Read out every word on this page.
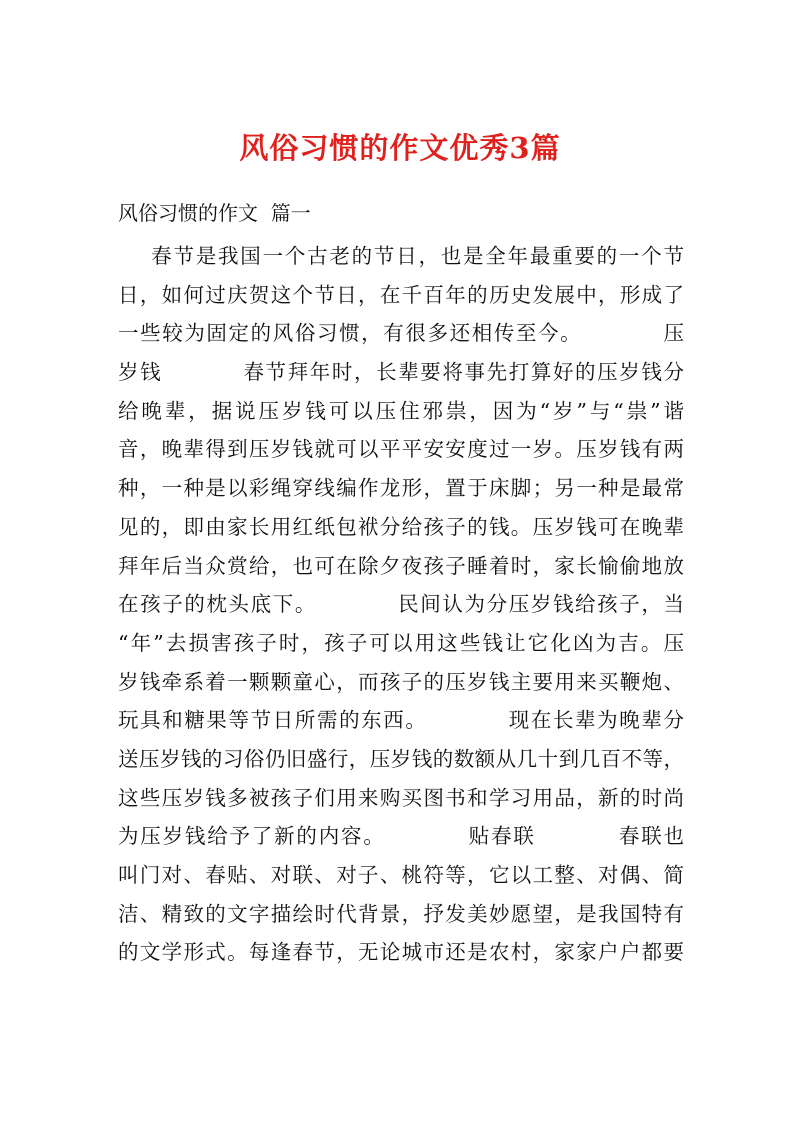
风俗习惯的作文优秀3篇
风俗习惯的作文  篇一
春节是我国一个古老的节日，也是全年最重要的一个节
日，如何过庆贺这个节日，在千百年的历史发展中，形成了
一些较为固定的风俗习惯，有很多还相传至今。          压
岁钱          春节拜年时，长辈要将事先打算好的压岁钱分
给晚辈，据说压岁钱可以压住邪祟，因为“岁”与“祟”谐
音，晚辈得到压岁钱就可以平平安安度过一岁。压岁钱有两
种，一种是以彩绳穿线编作龙形，置于床脚；另一种是最常
见的，即由家长用红纸包袱分给孩子的钱。压岁钱可在晚辈
拜年后当众赏给，也可在除夕夜孩子睡着时，家长愉偷地放
在孩子的枕头底下。          民间认为分压岁钱给孩子，当
“年”去损害孩子时，孩子可以用这些钱让它化凶为吉。压
岁钱牵系着一颗颗童心，而孩子的压岁钱主要用来买鞭炮、
玩具和糖果等节日所需的东西。          现在长辈为晚辈分
送压岁钱的习俗仍旧盛行，压岁钱的数额从几十到几百不等，
这些压岁钱多被孩子们用来购买图书和学习用品，新的时尚
为压岁钱给予了新的内容。          贴春联          春联也
叫门对、春贴、对联、对子、桃符等，它以工整、对偶、简
洁、精致的文字描绘时代背景，抒发美妙愿望，是我国特有
的文学形式。每逢春节，无论城市还是农村，家家户户都要
